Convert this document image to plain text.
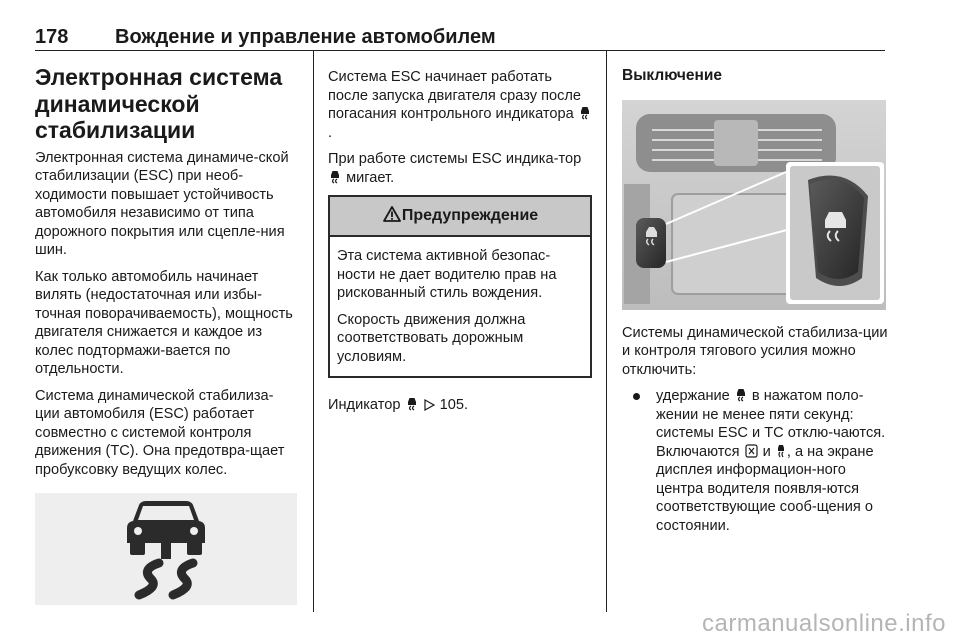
178 Вождение и управление автомобилем
Электронная система
динамической
стабилизации

Электронная система динамиче-ской стабилизации (ESC) при необ-ходимости повышает устойчивость автомобиля независимо от типа дорожного покрытия или сцепле-ния шин.

Как только автомобиль начинает вилять (недостаточная или избы-точная поворачиваемость), мощность двигателя снижается и каждое из колес подтормажи-вается по отдельности.

Система динамической стабилиза-ции автомобиля (ESC) работает совместно с системой контроля движения (TC). Она предотвра-щает пробуксовку ведущих колес.

Система ESC начинает работать после запуска двигателя сразу после погасания контрольного индикатора .

При работе системы ESC индика-тор  мигает.

Предупреждение

Эта система активной безопас-ности не дает водителю прав на рискованный стиль вождения.

Скорость движения должна соответствовать дорожным условиям.

Индикатор	105.

Выключение

Системы динамической стабилиза-ции и контроля тягового усилия можно отключить:

удержание в нажатом поло-жении не менее пяти секунд: системы ESC и TC отклю-чаются. Включаются и , а на экране дисплея информацион-ного центра водителя появля-ются соответствующие сооб-щения о состоянии.
carmanualsonline.info
